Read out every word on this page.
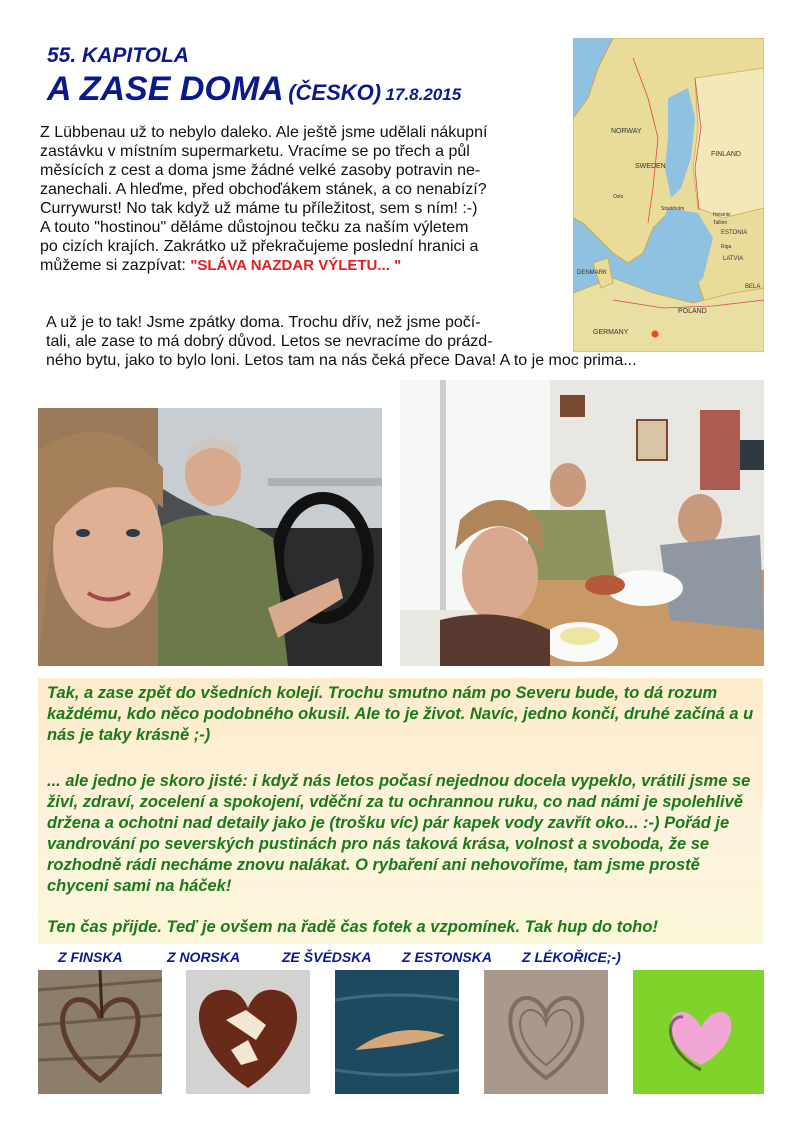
55. KAPITOLA
A ZASE DOMA (ČESKO) 17.8.2015

Z Lübbenau už to nebylo daleko. Ale ještě jsme udělali nákupní
zastávku v místním supermarketu. Vracíme se po třech a půl
měsících z cest a doma jsme žádné velké zasoby potravin ne-
zanechali. A hleďme, před obchoďákem stánek, a co nenabízí?
Currywurst! No tak když už máme tu příležitost, sem s ním! :-)
A touto "hostinou" děláme důstojnou tečku za naším výletem
po cizích krajích. Zakrátko už překračujeme poslední hranici a
můžeme si zazpívat: "SLÁVA NAZDAR VÝLETU... "

A už je to tak! Jsme zpátky doma. Trochu dřív, než jsme počí-
tali, ale zase to má dobrý důvod. Letos se nevracíme do prázd-

ného bytu, jako to bylo loni. Letos tam na nás čeká přece Dava! A to je moc prima...
NORWAY
SWEDEN
FINLAND
Stockholm
Helsinki
Tallinn
ESTONIA
Oslo
Riga
LATVIA
DENMARK
POLAND
GERMANY
BELA

Tak, a zase zpět do všedních kolejí. Trochu smutno nám po Severu bude, to dá rozum každému, kdo něco podobného okusil. Ale to je život. Navíc, jedno končí, druhé začíná a u nás je taky krásně ;-)

... ale jedno je skoro jisté: i když nás letos počasí nejednou docela vypeklo, vrátili jsme se živí, zdraví, zocelení a spokojení, vděční za tu ochrannou ruku, co nad námi je spolehlivě držena a ochotni nad detaily jako je (trošku víc) pár kapek vody zavřít oko... :-) Pořád je vandrování po severských pustinách pro nás taková krása, volnost a svoboda, že se rozhodně rádi necháme znovu nalákat. O rybaření ani nehovoříme, tam jsme prostě chyceni sami na háček!

Ten čas přijde. Teď je ovšem na řadě čas fotek a vzpomínek. Tak hup do toho!

Z FINSKA	Z NORSKA	ZE ŠVÉDSKA Z ESTONSKA Z LÉKOŘICE;-)
